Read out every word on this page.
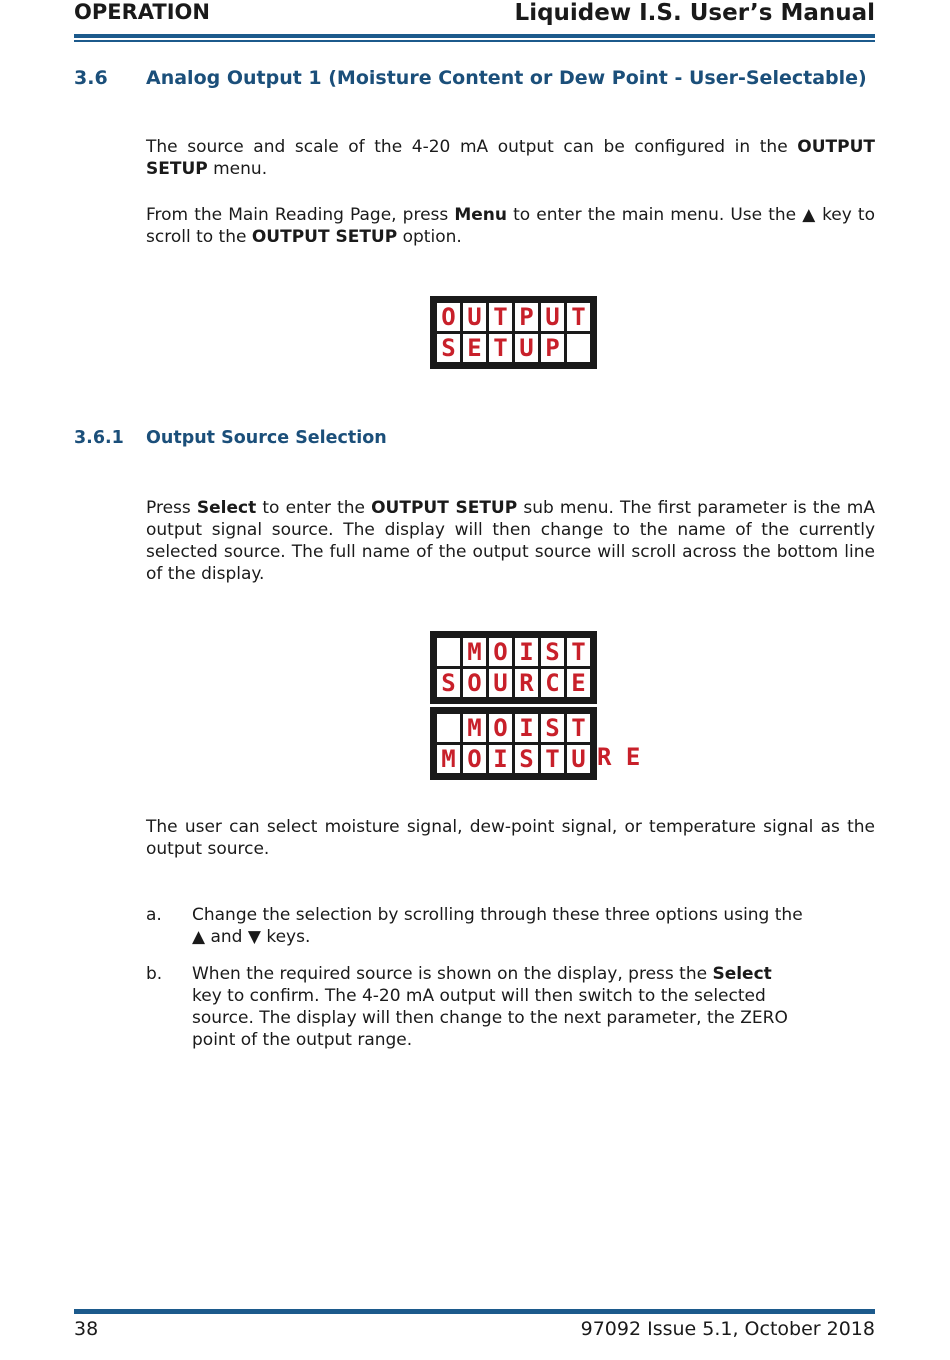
OPERATION	Liquidew I.S. User’s Manual
3.6 Analog Output 1 (Moisture Content or Dew Point - User-Selectable)
The source and scale of the 4-20 mA output can be configured in the OUTPUT SETUP menu.
From the Main Reading Page, press Menu to enter the main menu. Use the ▲ key to scroll to the OUTPUT SETUP option.
O U T P U T
S E T U P
3.6.1 Output Source Selection
Press Select to enter the OUTPUT SETUP sub menu. The first parameter is the mA output signal source. The display will then change to the name of the currently selected source. The full name of the output source will scroll across the bottom line of the display.
M O I S T
S O U R C E
M O I S T
M O I S T U R E
The user can select moisture signal, dew-point signal, or temperature signal as the output source.
a. Change the selection by scrolling through these three options using the ▲ and ▼ keys.
b. When the required source is shown on the display, press the Select key to confirm. The 4-20 mA output will then switch to the selected source. The display will then change to the next parameter, the ZERO point of the output range.
38	97092 Issue 5.1, October 2018
